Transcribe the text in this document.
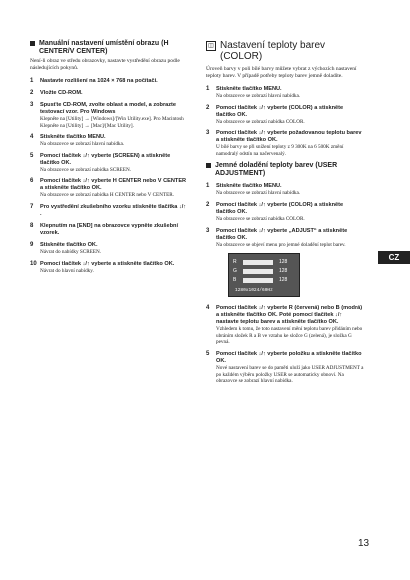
Manuální nastavení umístění obrazu (H CENTER/V CENTER)

Není-li obraz ve středu obrazovky, nastavte vystředění obrazu podle následujících pokynů.

1	Nastavte rozlišení na 1024 × 768 na počítači.
2	Vložte CD-ROM.
3	Spusťte CD-ROM, zvolte oblast a model, a zobrazte testovací vzor. Pro Windows
Klepněte na [Utility] → [Windows]/[Win Utility.exe]. Pro Macintosh Klepněte na [Utility] → [Mac]/[Mac Utility].
4	Stiskněte tlačítko MENU.
Na obrazovce se zobrazí hlavní nabídka.
5	Pomocí tlačítek ↓/↑ vyberte (SCREEN) a stiskněte tlačítko OK.
Na obrazovce se zobrazí nabídka SCREEN.
6	Pomocí tlačítek ↓/↑ vyberte H CENTER nebo V CENTER a stiskněte tlačítko OK.
Na obrazovce se zobrazí nabídka H CENTER nebo V CENTER.
7	Pro vystředění zkušebního vzorku stiskněte tlačítka ↓/↑ .
8	Klepnutím na [END] na obrazovce vypněte zkušební vzorek.
9	Stiskněte tlačítko OK.
Návrat do nabídky SCREEN.
10 Pomocí tlačítek ↓/↑ vyberte a stiskněte tlačítko OK.
Návrat do hlavní nabídky.
◫ Nastavení teploty barev (COLOR)

Úroveň barvy v poli bílé barvy můžete vybrat z výchozích nastavení teploty barev. V případě potřeby teploty barev jemně doladíte.

1	Stiskněte tlačítko MENU.
Na obrazovce se zobrazí hlavní nabídka.
2	Pomocí tlačítek ↓/↑ vyberte (COLOR) a stiskněte tlačítko OK.
Na obrazovce se zobrazí nabídka COLOR.
3	Pomocí tlačítek ↓/↑ vyberte požadovanou teplotu barev a stiskněte tlačítko OK.
U bílé barvy se při snížení teploty z 9 300K na 6 500K změní namodralý odstín na načervenalý.
Jemné doladění teploty barev (USER ADJUSTMENT)
1	Stiskněte tlačítko MENU.
Na obrazovce se zobrazí hlavní nabídka.
2	Pomocí tlačítek ↓/↑ vyberte (COLOR) a stiskněte tlačítko OK.
Na obrazovce se zobrazí nabídka COLOR.
3	Pomocí tlačítek ↓/↑ vyberte „ADJUST“ a stiskněte tlačítko OK.
Na obrazovce se objeví menu pro jemné doladění teplot barev.
R	128
G	128
B	128
1280x1024/60Hz
4	Pomocí tlačítek ↓/↑ vyberte R (červená) nebo B (modrá) a stiskněte tlačítko OK. Poté pomocí tlačítek ↓/↑ nastavte teplotu barev a stiskněte tlačítko OK.
Vzhledem k tomu, že toto nastavení mění teplotu barev přidáním nebo ubráním složek R a B ve vztahu ke složce G (zelená), je složka G pevná.
5	Pomocí tlačítek ↓/↑ vyberte položku a stiskněte tlačítko OK.
Nové nastavení barev se do paměti uloží jako USER ADJUSTMENT a po každém výběru položky USER se automaticky obnoví. Na obrazovce se zobrazí hlavní nabídka.
CZ
13
